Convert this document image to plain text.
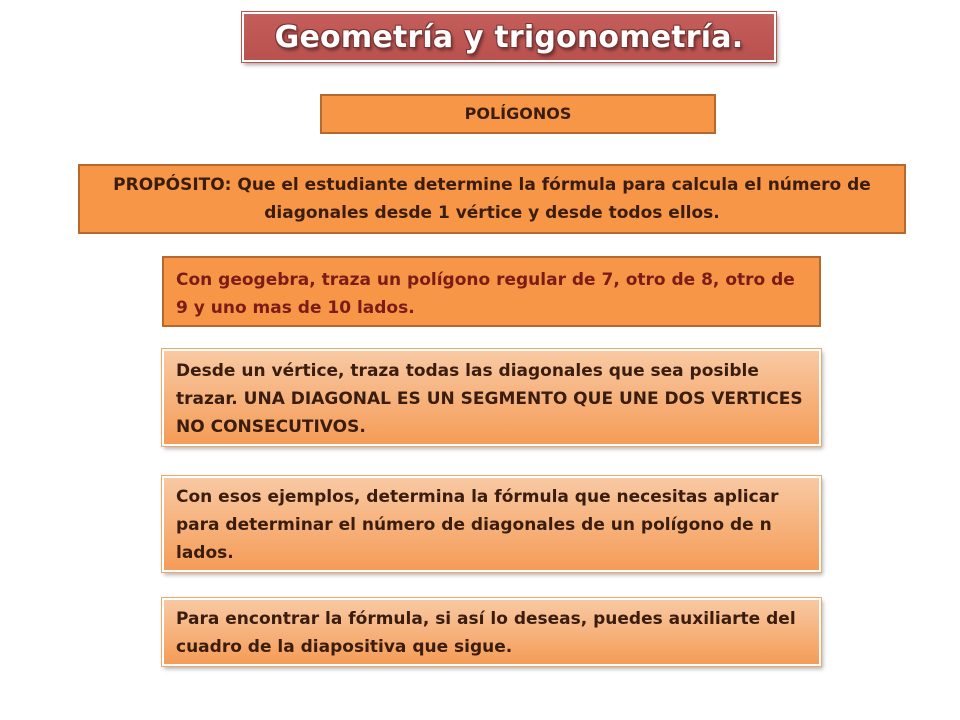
Geometría y trigonometría.
POLÍGONOS
PROPÓSITO: Que el estudiante determine la fórmula para calcula el número de diagonales desde 1 vértice y desde todos ellos.
Con geogebra, traza un polígono regular de 7, otro de 8, otro de 9 y uno mas de 10 lados.
Desde un vértice, traza todas las diagonales que sea posible trazar. UNA DIAGONAL ES UN SEGMENTO QUE UNE DOS VERTICES NO CONSECUTIVOS.
Con esos ejemplos, determina la fórmula que necesitas aplicar para determinar el número de diagonales de un polígono de n lados.
Para encontrar la fórmula, si así lo deseas, puedes auxiliarte del cuadro de la diapositiva que sigue.
